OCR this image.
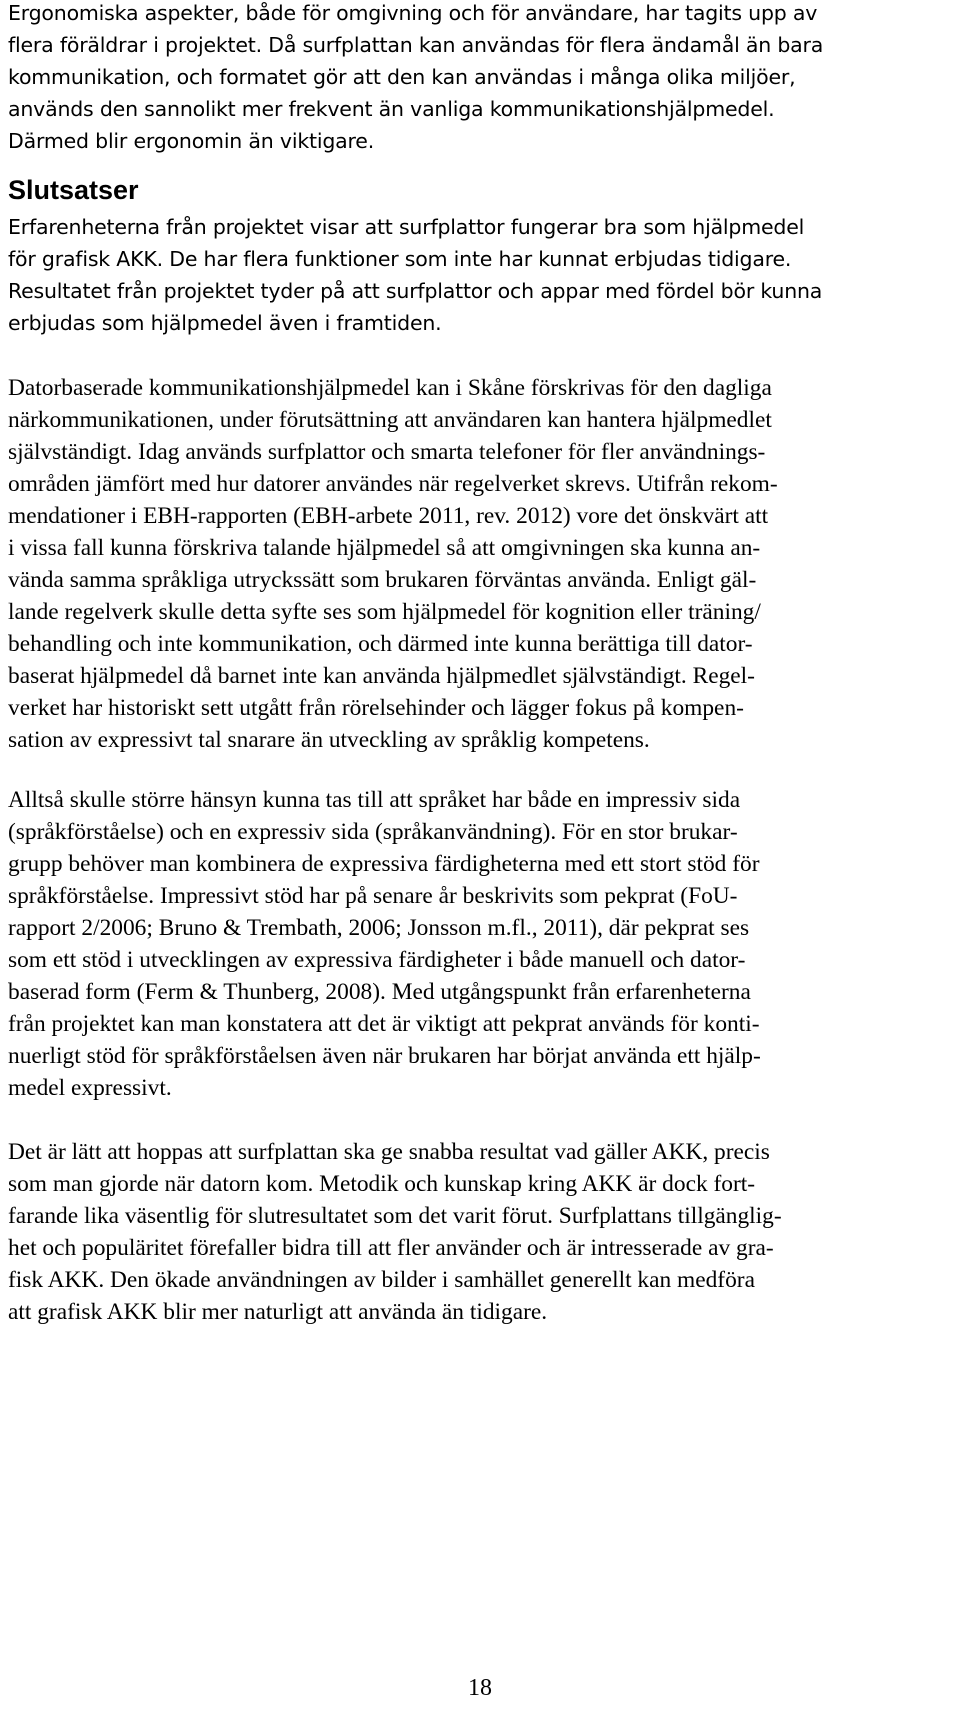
Ergonomiska aspekter, både för omgivning och för användare, har tagits upp av
flera föräldrar i projektet. Då surfplattan kan användas för flera ändamål än bara
kommunikation, och formatet gör att den kan användas i många olika miljöer,
används den sannolikt mer frekvent än vanliga kommunikationshjälpmedel.
Därmed blir ergonomin än viktigare.
Slutsatser
Erfarenheterna från projektet visar att surfplattor fungerar bra som hjälpmedel
för grafisk AKK. De har flera funktioner som inte har kunnat erbjudas tidigare.
Resultatet från projektet tyder på att surfplattor och appar med fördel bör kunna
erbjudas som hjälpmedel även i framtiden.
Datorbaserade kommunikationshjälpmedel kan i Skåne förskrivas för den dagliga
närkommunikationen, under förutsättning att användaren kan hantera hjälpmedlet
självständigt. Idag används surfplattor och smarta telefoner för fler användnings-
områden jämfört med hur datorer användes när regelverket skrevs. Utifrån rekom-
mendationer i EBH-rapporten (EBH-arbete 2011, rev. 2012) vore det önskvärt att
i vissa fall kunna förskriva talande hjälpmedel så att omgivningen ska kunna an-
vända samma språkliga utryckssätt som brukaren förväntas använda. Enligt gäl-
lande regelverk skulle detta syfte ses som hjälpmedel för kognition eller träning/
behandling och inte kommunikation, och därmed inte kunna berättiga till dator-
baserat hjälpmedel då barnet inte kan använda hjälpmedlet självständigt. Regel-
verket har historiskt sett utgått från rörelsehinder och lägger fokus på kompen-
sation av expressivt tal snarare än utveckling av språklig kompetens.
Alltså skulle större hänsyn kunna tas till att språket har både en impressiv sida
(språkförståelse) och en expressiv sida (språkanvändning). För en stor brukar-
grupp behöver man kombinera de expressiva färdigheterna med ett stort stöd för
språkförståelse. Impressivt stöd har på senare år beskrivits som pekprat (FoU-
rapport 2/2006; Bruno & Trembath, 2006; Jonsson m.fl., 2011), där pekprat ses
som ett stöd i utvecklingen av expressiva färdigheter i både manuell och dator-
baserad form (Ferm & Thunberg, 2008). Med utgångspunkt från erfarenheterna
från projektet kan man konstatera att det är viktigt att pekprat används för konti-
nuerligt stöd för språkförståelsen även när brukaren har börjat använda ett hjälp-
medel expressivt.
Det är lätt att hoppas att surfplattan ska ge snabba resultat vad gäller AKK, precis
som man gjorde när datorn kom. Metodik och kunskap kring AKK är dock fort-
farande lika väsentlig för slutresultatet som det varit förut. Surfplattans tillgänglig-
het och populäritet förefaller bidra till att fler använder och är intresserade av gra-
fisk AKK. Den ökade användningen av bilder i samhället generellt kan medföra
att grafisk AKK blir mer naturligt att använda än tidigare.
18
